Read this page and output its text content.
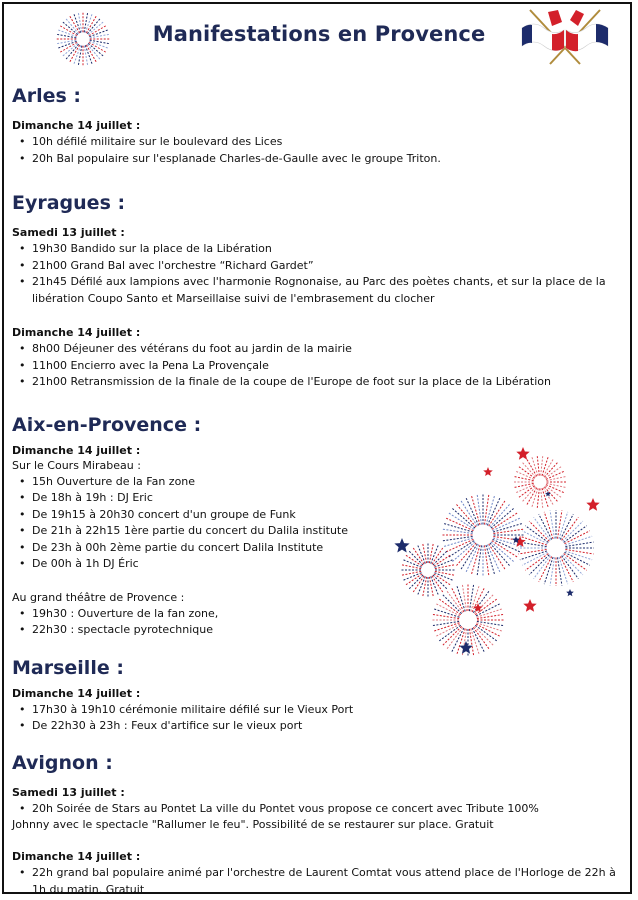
Manifestations en Provence
Arles :
Dimanche 14 juillet :
• 10h défilé militaire sur le boulevard des Lices
• 20h Bal populaire sur l'esplanade Charles-de-Gaulle avec le groupe Triton.
Eyragues :
Samedi 13 juillet :
• 19h30 Bandido sur la place de la Libération
• 21h00 Grand Bal avec l'orchestre “Richard Gardet”
• 21h45 Défilé aux lampions avec l'harmonie Rognonaise, au Parc des poètes chants, et sur la place de la libération Coupo Santo et Marseillaise suivi de l'embrasement du clocher
Dimanche 14 juillet :
• 8h00 Déjeuner des vétérans du foot au jardin de la mairie
• 11h00 Encierro avec la Pena La Provençale
• 21h00 Retransmission de la finale de la coupe de l'Europe de foot sur la place de la Libération
Aix-en-Provence :
Dimanche 14 juillet :
Sur le Cours Mirabeau :
• 15h Ouverture de la Fan zone
• De 18h à 19h : DJ Eric
• De 19h15 à 20h30 concert d'un groupe de Funk
• De 21h à 22h15 1ère partie du concert du Dalila institute
• De 23h à 00h 2ème partie du concert Dalila Institute
• De 00h à 1h DJ Éric
Au grand théâtre de Provence :
• 19h30 : Ouverture de la fan zone,
• 22h30 : spectacle pyrotechnique
Marseille :
Dimanche 14 juillet :
• 17h30 à 19h10 cérémonie militaire défilé sur le Vieux Port
• De 22h30 à 23h : Feux d'artifice sur le vieux port
Avignon :
Samedi 13 juillet :
• 20h Soirée de Stars au Pontet La ville du Pontet vous propose ce concert avec Tribute 100%
Johnny avec le spectacle "Rallumer le feu". Possibilité de se restaurer sur place. Gratuit
Dimanche 14 juillet :
• 22h grand bal populaire animé par l'orchestre de Laurent Comtat vous attend place de l'Horloge de 22h à 1h du matin. Gratuit
